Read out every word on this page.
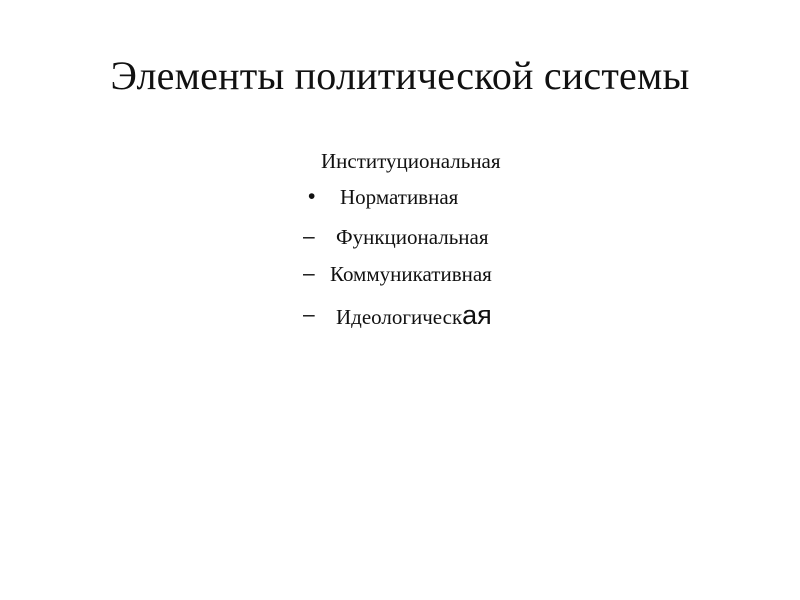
Элементы политической системы
Институциональная
• Нормативная
– Функциональная
– Коммуникативная
– Идеологическая
